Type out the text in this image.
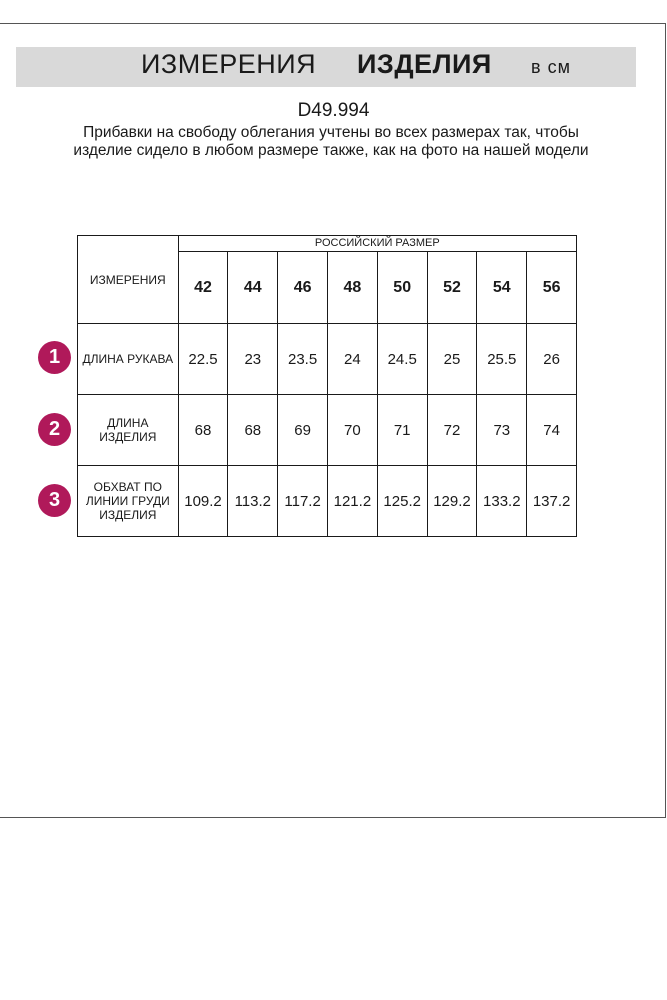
ИЗМЕРЕНИЯ ИЗДЕЛИЯ в см
D49.994
Прибавки на свободу облегания учтены во всех размерах так, чтобы изделие сидело в любом размере также, как на фото на нашей модели
ИЗМЕРЕНИЯ	РОССИЙСКИЙ РАЗМЕР							
	42	44	46	48	50	52	54	56
ДЛИНА РУКАВА	22.5	23	23.5	24	24.5	25	25.5	26
ДЛИНА ИЗДЕЛИЯ	68	68	69	70	71	72	73	74
ОБХВАТ ПО ЛИНИИ ГРУДИ ИЗДЕЛИЯ	109.2	113.2	117.2	121.2	125.2	129.2	133.2	137.2
1
2
3
